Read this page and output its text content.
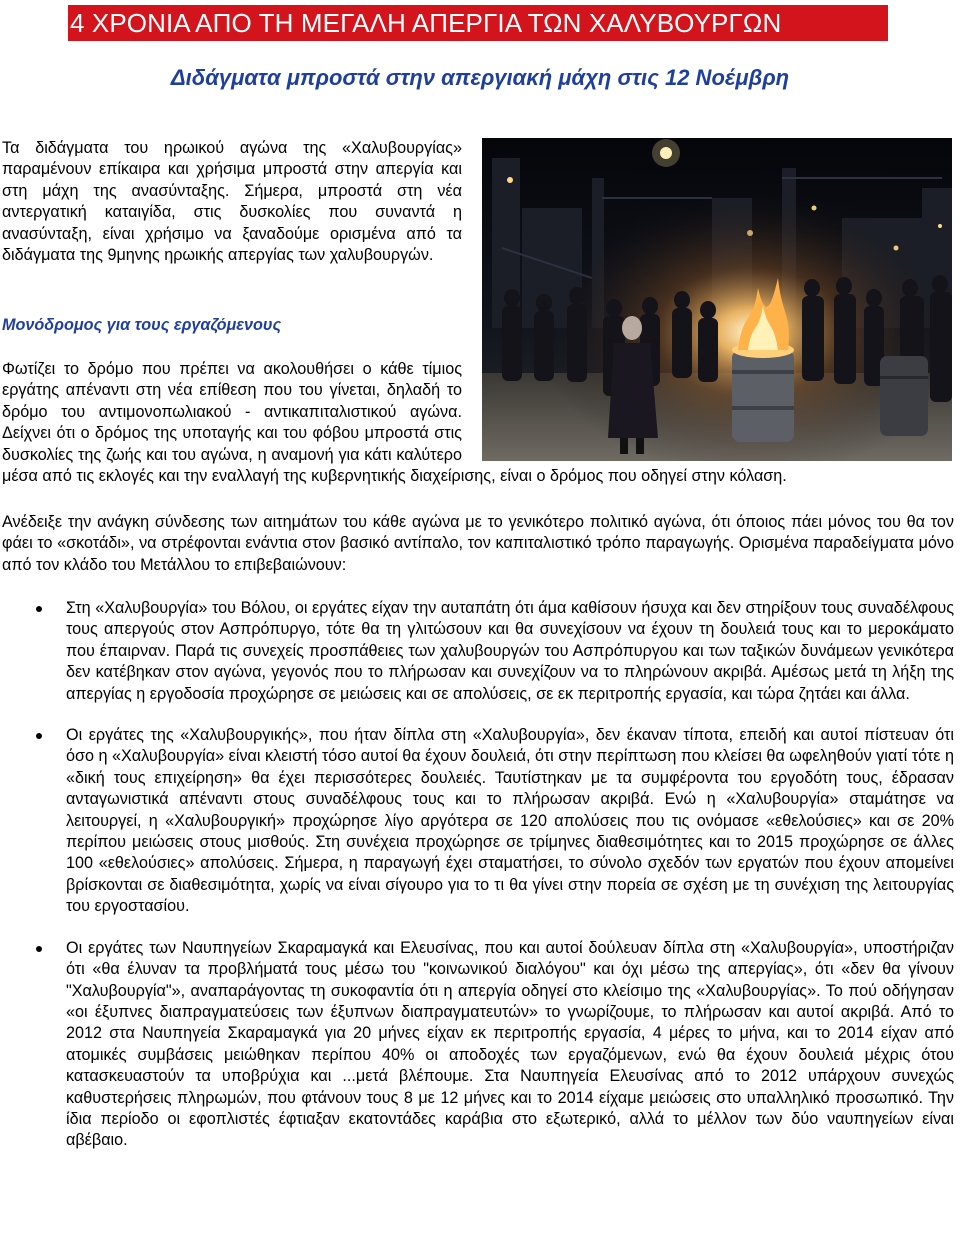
4 ΧΡΟΝΙΑ ΑΠΟ ΤΗ ΜΕΓΑΛΗ ΑΠΕΡΓΙΑ ΤΩΝ ΧΑΛΥΒΟΥΡΓΩΝ
Διδάγματα μπροστά στην απεργιακή μάχη στις 12 Νοέμβρη

Τα διδάγματα του ηρωικού αγώνα της «Χαλυβουργίας» παραμένουν επίκαιρα και χρήσιμα μπροστά στην απεργία και στη μάχη της ανασύνταξης. Σήμερα, μπροστά στη νέα αντεργατική καταιγίδα, στις δυσκολίες που συναντά η ανασύνταξη, είναι χρήσιμο να ξαναδούμε ορισμένα από τα διδάγματα της 9μηνης ηρωικής απεργίας των χαλυβουργών.

Μονόδρομος για τους εργαζόμενους

Φωτίζει το δρόμο που πρέπει να ακολουθήσει ο κάθε τίμιος εργάτης απέναντι στη νέα επίθεση που του γίνεται, δηλαδή το δρόμο του αντιμονοπωλιακού - αντικαπιταλιστικού αγώνα. Δείχνει ότι ο δρόμος της υποταγής και του φόβου μπροστά στις δυσκολίες της ζωής και του αγώνα, η αναμονή για κάτι καλύτερο μέσα από τις εκλογές και την εναλλαγή της κυβερνητικής διαχείρισης, είναι ο δρόμος που οδηγεί στην κόλαση.

Ανέδειξε την ανάγκη σύνδεσης των αιτημάτων του κάθε αγώνα με το γενικότερο πολιτικό αγώνα, ότι όποιος πάει μόνος του θα τον φάει το «σκοτάδι», να στρέφονται ενάντια στον βασικό αντίπαλο, τον καπιταλιστικό τρόπο παραγωγής. Ορισμένα παραδείγματα μόνο από τον κλάδο του Μετάλλου το επιβεβαιώνουν:

Στη «Χαλυβουργία» του Βόλου, οι εργάτες είχαν την αυταπάτη ότι άμα καθίσουν ήσυχα και δεν στηρίξουν τους συναδέλφους τους απεργούς στον Ασπρόπυργο, τότε θα τη γλιτώσουν και θα συνεχίσουν να έχουν τη δουλειά τους και το μεροκάματο που έπαιρναν. Παρά τις συνεχείς προσπάθειες των χαλυβουργών του Ασπρόπυργου και των ταξικών δυνάμεων γενικότερα δεν κατέβηκαν στον αγώνα, γεγονός που το πλήρωσαν και συνεχίζουν να το πληρώνουν ακριβά. Αμέσως μετά τη λήξη της απεργίας η εργοδοσία προχώρησε σε μειώσεις και σε απολύσεις, σε εκ περιτροπής εργασία, και τώρα ζητάει και άλλα.
Οι εργάτες της «Χαλυβουργικής», που ήταν δίπλα στη «Χαλυβουργία», δεν έκαναν τίποτα, επειδή και αυτοί πίστευαν ότι όσο η «Χαλυβουργία» είναι κλειστή τόσο αυτοί θα έχουν δουλειά, ότι στην περίπτωση που κλείσει θα ωφεληθούν γιατί τότε η «δική τους επιχείρηση» θα έχει περισσότερες δουλειές. Ταυτίστηκαν με τα συμφέροντα του εργοδότη τους, έδρασαν ανταγωνιστικά απέναντι στους συναδέλφους τους και το πλήρωσαν ακριβά. Ενώ η «Χαλυβουργία» σταμάτησε να λειτουργεί, η «Χαλυβουργική» προχώρησε λίγο αργότερα σε 120 απολύσεις που τις ονόμασε «εθελούσιες» και σε 20% περίπου μειώσεις στους μισθούς. Στη συνέχεια προχώρησε σε τρίμηνες διαθεσιμότητες και το 2015 προχώρησε σε άλλες 100 «εθελούσιες» απολύσεις. Σήμερα, η παραγωγή έχει σταματήσει, το σύνολο σχεδόν των εργατών που έχουν απομείνει βρίσκονται σε διαθεσιμότητα, χωρίς να είναι σίγουρο για το τι θα γίνει στην πορεία σε σχέση με τη συνέχιση της λειτουργίας του εργοστασίου.
Οι εργάτες των Ναυπηγείων Σκαραμαγκά και Ελευσίνας, που και αυτοί δούλευαν δίπλα στη «Χαλυβουργία», υποστήριζαν ότι «θα έλυναν τα προβλήματά τους μέσω του "κοινωνικού διαλόγου" και όχι μέσω της απεργίας», ότι «δεν θα γίνουν "Χαλυβουργία"», αναπαράγοντας τη συκοφαντία ότι η απεργία οδηγεί στο κλείσιμο της «Χαλυβουργίας». Το πού οδήγησαν «οι έξυπνες διαπραγματεύσεις των έξυπνων διαπραγματευτών» το γνωρίζουμε, το πλήρωσαν και αυτοί ακριβά. Από το 2012 στα Ναυπηγεία Σκαραμαγκά για 20 μήνες είχαν εκ περιτροπής εργασία, 4 μέρες το μήνα, και το 2014 είχαν από ατομικές συμβάσεις μειώθηκαν περίπου 40% οι αποδοχές των εργαζόμενων, ενώ θα έχουν δουλειά μέχρις ότου κατασκευαστούν τα υποβρύχια και ...μετά βλέπουμε. Στα Ναυπηγεία Ελευσίνας από το 2012 υπάρχουν συνεχώς καθυστερήσεις πληρωμών, που φτάνουν τους 8 με 12 μήνες και το 2014 είχαμε μειώσεις στο υπαλληλικό προσωπικό. Την ίδια περίοδο οι εφοπλιστές έφτιαξαν εκατοντάδες καράβια στο εξωτερικό, αλλά το μέλλον των δύο ναυπηγείων είναι αβέβαιο.
